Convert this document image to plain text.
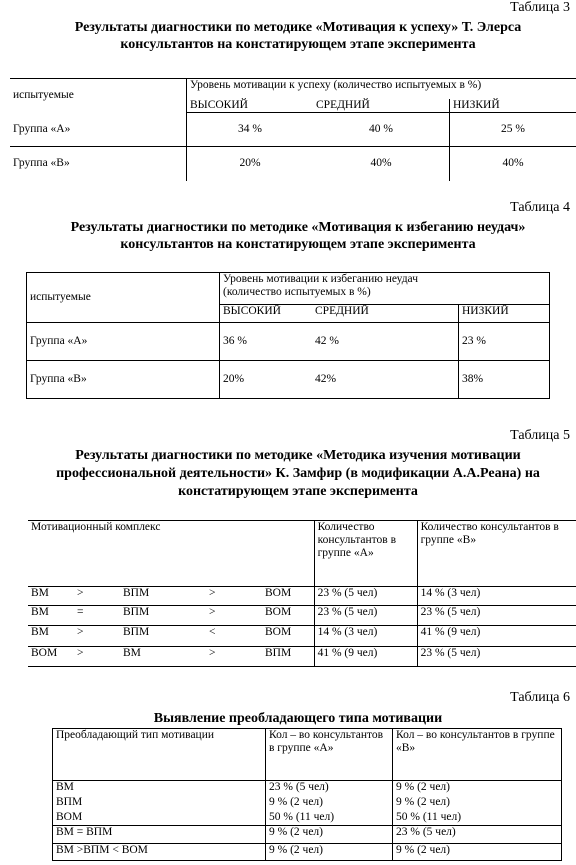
Таблица 3
Результаты диагностики по методике «Мотивация к успеху» Т. Элерса
консультантов на констатирующем этапе эксперимента
испытуемые	Уровень мотивации к успеху (количество испытуемых в %)		
	ВЫСОКИЙ	СРЕДНИЙ	НИЗКИЙ
Группа «А»	34 %	40 %	25 %
Группа «В»	20%	40%	40%
Таблица 4
Результаты диагностики по методике «Мотивация к избеганию неудач»
консультантов на констатирующем этапе эксперимента
испытуемые	Уровень мотивации к избеганию неудач
(количество испытуемых в %)		

	ВЫСОКИЙ	СРЕДНИЙ	НИЗКИЙ
Группа «А»	36 %	42 %	23 %
Группа «В»	20%	42%	38%
Таблица 5
Результаты диагностики по методике «Методика изучения мотивации
профессиональной деятельности» К. Замфир (в модификации А.А.Реана) на
констатирующем этапе эксперимента
Мотивационный комплекс					Количество консультантов в группе «А»	Количество консультантов в группе «В»
ВМ	>	ВПМ	>	ВОМ	23 % (5 чел)	14 % (3 чел)
ВМ	=	ВПМ	>	ВОМ	23 % (5 чел)	23 % (5 чел)
ВМ	>	ВПМ	<	ВОМ	14 % (3 чел)	41 % (9 чел)
ВОМ	>	ВМ	>	ВПМ	41 % (9 чел)	23 % (5 чел)
Таблица 6
Выявление преобладающего типа мотивации
Преобладающий тип мотивации	Кол – во консультантов в группе «А»	Кол – во консультантов в группе «В»
ВМ	23 % (5 чел)	9 % (2 чел)
ВПМ	9 % (2 чел)	9 % (2 чел)
ВОМ	50 % (11 чел)	50 % (11 чел)
ВМ = ВПМ	9 % (2 чел)	23 % (5 чел)
ВМ >ВПМ < ВОМ	9 % (2 чел)	9 % (2 чел)
